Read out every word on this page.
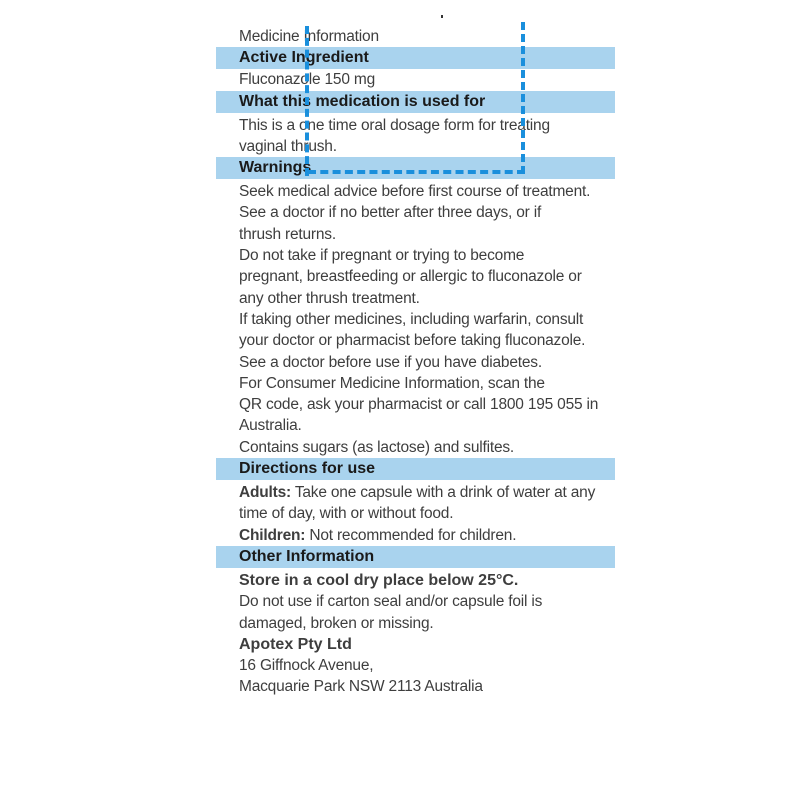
Medicine Information
Active Ingredient
Fluconazole 150 mg
What this medication is used for
This is a one time oral dosage form for treating
vaginal thrush.
Warnings
Seek medical advice before first course of treatment.
See a doctor if no better after three days, or if
thrush returns.
Do not take if pregnant or trying to become
pregnant, breastfeeding or allergic to fluconazole or
any other thrush treatment.
If taking other medicines, including warfarin, consult
your doctor or pharmacist before taking fluconazole.
See a doctor before use if you have diabetes.
For Consumer Medicine Information, scan the
QR code, ask your pharmacist or call 1800 195 055 in
Australia.
Contains sugars (as lactose) and sulfites.
Directions for use
Adults: Take one capsule with a drink of water at any
time of day, with or without food.
Children: Not recommended for children.
Other Information
Store in a cool dry place below 25°C.
Do not use if carton seal and/or capsule foil is
damaged, broken or missing.
Apotex Pty Ltd
16 Giffnock Avenue,
Macquarie Park NSW 2113 Australia
